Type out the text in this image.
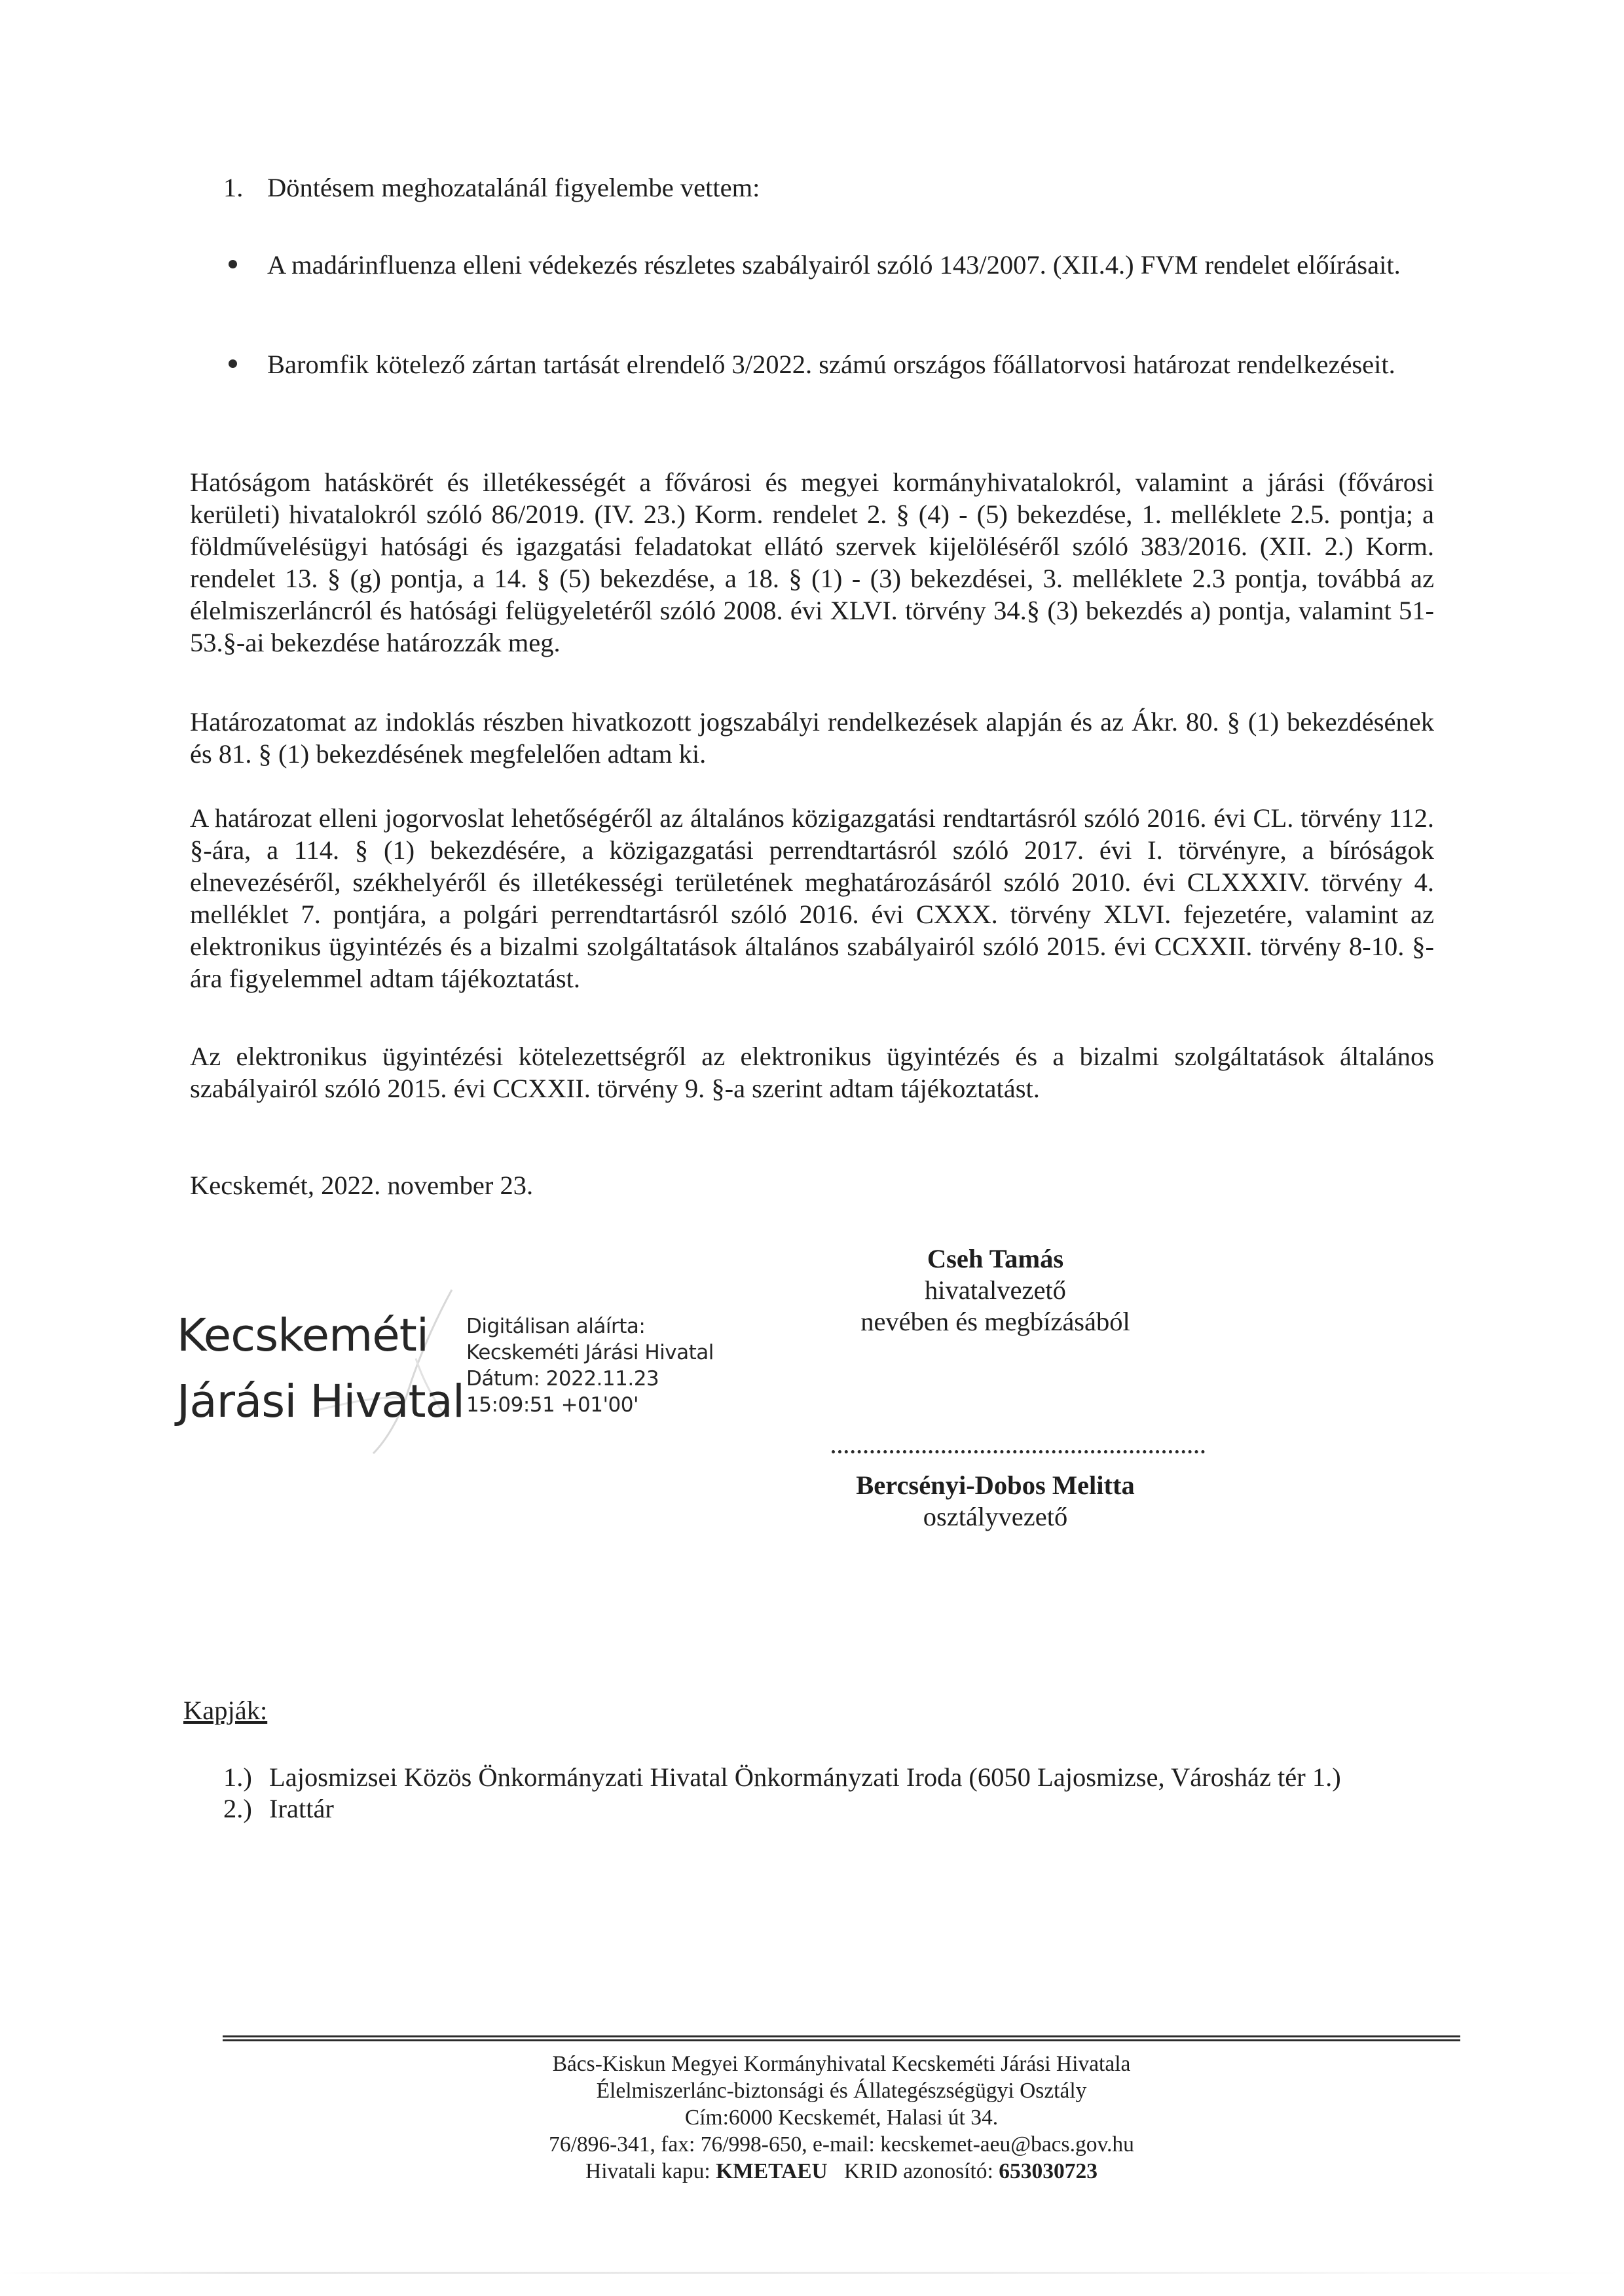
1. Döntésem meghozatalánál figyelembe vettem:
A madárinfluenza elleni védekezés részletes szabályairól szóló 143/2007. (XII.4.) FVM rendelet előírásait.
Baromfik kötelező zártan tartását elrendelő 3/2022. számú országos főállatorvosi határozat rendelkezéseit.

Hatóságom hatáskörét és illetékességét a fővárosi és megyei kormányhivatalokról, valamint a járási (fővárosi kerületi) hivatalokról szóló 86/2019. (IV. 23.) Korm. rendelet 2. § (4) - (5) bekezdése, 1. melléklete 2.5. pontja; a földművelésügyi hatósági és igazgatási feladatokat ellátó szervek kijelöléséről szóló 383/2016. (XII. 2.) Korm. rendelet 13. § (g) pontja, a 14. § (5) bekezdése, a 18. § (1) - (3) bekezdései, 3. melléklete 2.3 pontja, továbbá az élelmiszerláncról és hatósági felügyeletéről szóló 2008. évi XLVI. törvény 34.§ (3) bekezdés a) pontja, valamint 51-53.§-ai bekezdése határozzák meg.

Határozatomat az indoklás részben hivatkozott jogszabályi rendelkezések alapján és az Ákr. 80. § (1) bekezdésének és 81. § (1) bekezdésének megfelelően adtam ki.

A határozat elleni jogorvoslat lehetőségéről az általános közigazgatási rendtartásról szóló 2016. évi CL. törvény 112. §-ára, a 114. § (1) bekezdésére, a közigazgatási perrendtartásról szóló 2017. évi I. törvényre, a bíróságok elnevezéséről, székhelyéről és illetékességi területének meghatározásáról szóló 2010. évi CLXXXIV. törvény 4. melléklet 7. pontjára, a polgári perrendtartásról szóló 2016. évi CXXX. törvény XLVI. fejezetére, valamint az elektronikus ügyintézés és a bizalmi szolgáltatások általános szabályairól szóló 2015. évi CCXXII. törvény 8-10. §-ára figyelemmel adtam tájékoztatást.

Az elektronikus ügyintézési kötelezettségről az elektronikus ügyintézés és a bizalmi szolgáltatások általános szabályairól szóló 2015. évi CCXXII. törvény 9. §-a szerint adtam tájékoztatást.

Kecskemét, 2022. november 23.
Cseh Tamás
hivatalvezető
nevében és megbízásából
Bercsényi-Dobos Melitta
osztályvezető
Kecskeméti
Járási Hivatal
Digitálisan aláírta:
Kecskeméti Járási Hivatal
Dátum: 2022.11.23
15:09:51 +01'00'
Kapják:
1.) Lajosmizsei Közös Önkormányzati Hivatal Önkormányzati Iroda (6050 Lajosmizse, Városház tér 1.)
2.) Irattár
Bács-Kiskun Megyei Kormányhivatal Kecskeméti Járási Hivatala
Élelmiszerlánc-biztonsági és Állategészségügyi Osztály
Cím:6000 Kecskemét, Halasi út 34.
76/896-341, fax: 76/998-650, e-mail: kecskemet-aeu@bacs.gov.hu
Hivatali kapu: KMETAEU KRID azonosító: 653030723
